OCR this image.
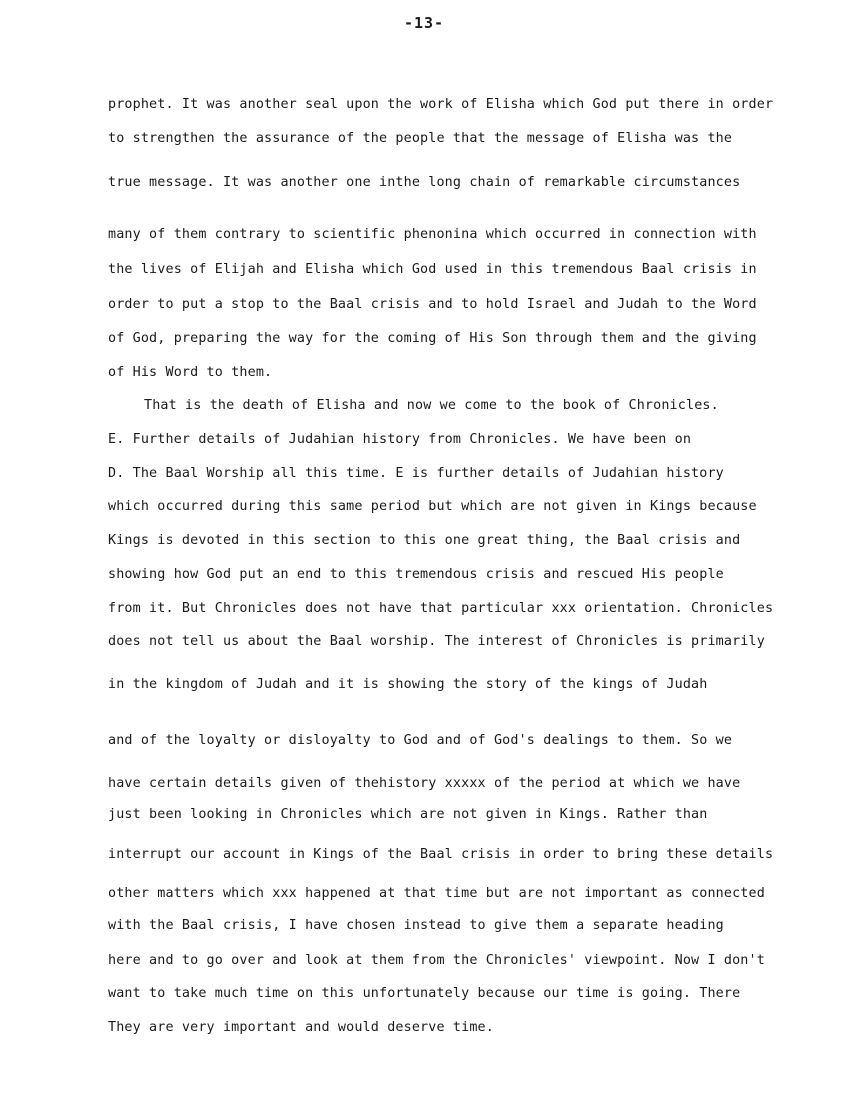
-13-
prophet. It was another seal upon the work of Elisha which God put there in order
to strengthen the assurance of the people that the message of Elisha was the
true message. It was another one inthe long chain of remarkable circumstances
many of them contrary to scientific phenonina which occurred in connection with
the lives of Elijah and Elisha which God used in this tremendous Baal crisis in
order to put a stop to the Baal crisis and to hold Israel and Judah to the Word
of God, preparing the way for the coming of His Son through them and the giving
of His Word to them.
That is the death of Elisha and now we come to the book of Chronicles.
E. Further details of Judahian history from Chronicles. We have been on
D. The Baal Worship all this time. E is further details of Judahian history
which occurred during this same period but which are not given in Kings because
Kings is devoted in this section to this one great thing, the Baal crisis and
showing how God put an end to this tremendous crisis and rescued His people
from it. But Chronicles does not have that particular xxx orientation. Chronicles
does not tell us about the Baal worship. The interest of Chronicles is primarily
in the kingdom of Judah and it is showing the story of the kings of Judah
and of the loyalty or disloyalty to God and of God's dealings to them. So we
have certain details given of thehistory xxxxx of the period at which we have
just been looking in Chronicles which are not given in Kings. Rather than
interrupt our account in Kings of the Baal crisis in order to bring these details
other matters which xxx happened at that time but are not important as connected
with the Baal crisis, I have chosen instead to give them a separate heading
here and to go over and look at them from the Chronicles' viewpoint. Now I don't
want to take much time on this unfortunately because our time is going. There
They are very important and would deserve time.
